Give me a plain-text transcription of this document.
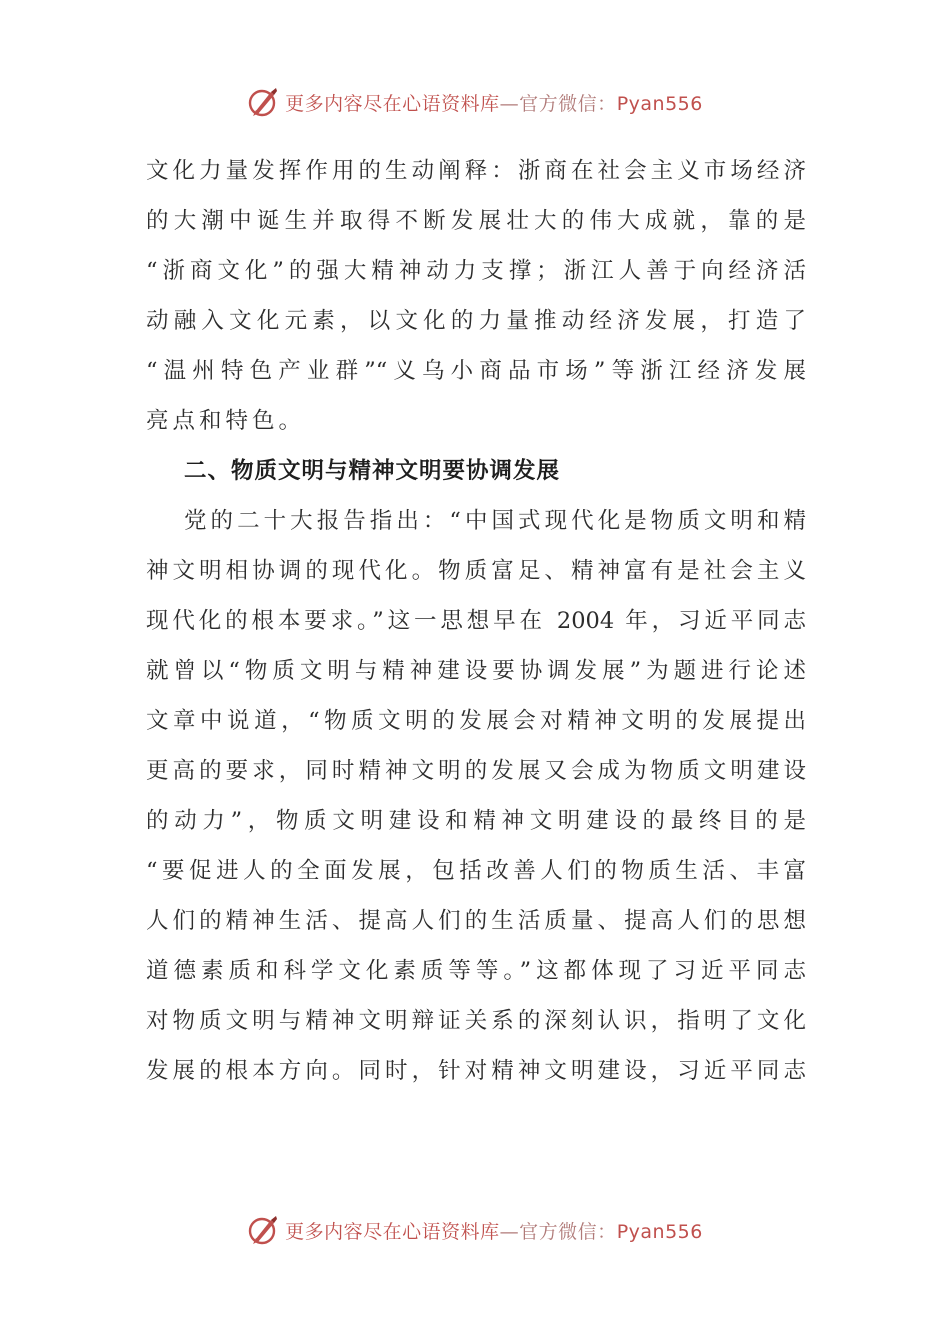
更多内容尽在心语资料库—官方微信：Pyan556
文化力量发挥作用的生动阐释：浙商在社会主义市场经济
的大潮中诞生并取得不断发展壮大的伟大成就，靠的是
“浙商文化”的强大精神动力支撑；浙江人善于向经济活
动融入文化元素，以文化的力量推动经济发展，打造了
“温州特色产业群”“义乌小商品市场”等浙江经济发展
亮点和特色。
二、物质文明与精神文明要协调发展
党的二十大报告指出：“中国式现代化是物质文明和精
神文明相协调的现代化。物质富足、精神富有是社会主义
现代化的根本要求。”这一思想早在 2004 年，习近平同志
就曾以“物质文明与精神建设要协调发展”为题进行论述
文章中说道，“物质文明的发展会对精神文明的发展提出
更高的要求，同时精神文明的发展又会成为物质文明建设
的动力”，物质文明建设和精神文明建设的最终目的是
“要促进人的全面发展，包括改善人们的物质生活、丰富
人们的精神生活、提高人们的生活质量、提高人们的思想
道德素质和科学文化素质等等。”这都体现了习近平同志
对物质文明与精神文明辩证关系的深刻认识，指明了文化
发展的根本方向。同时，针对精神文明建设，习近平同志
更多内容尽在心语资料库—官方微信：Pyan556
